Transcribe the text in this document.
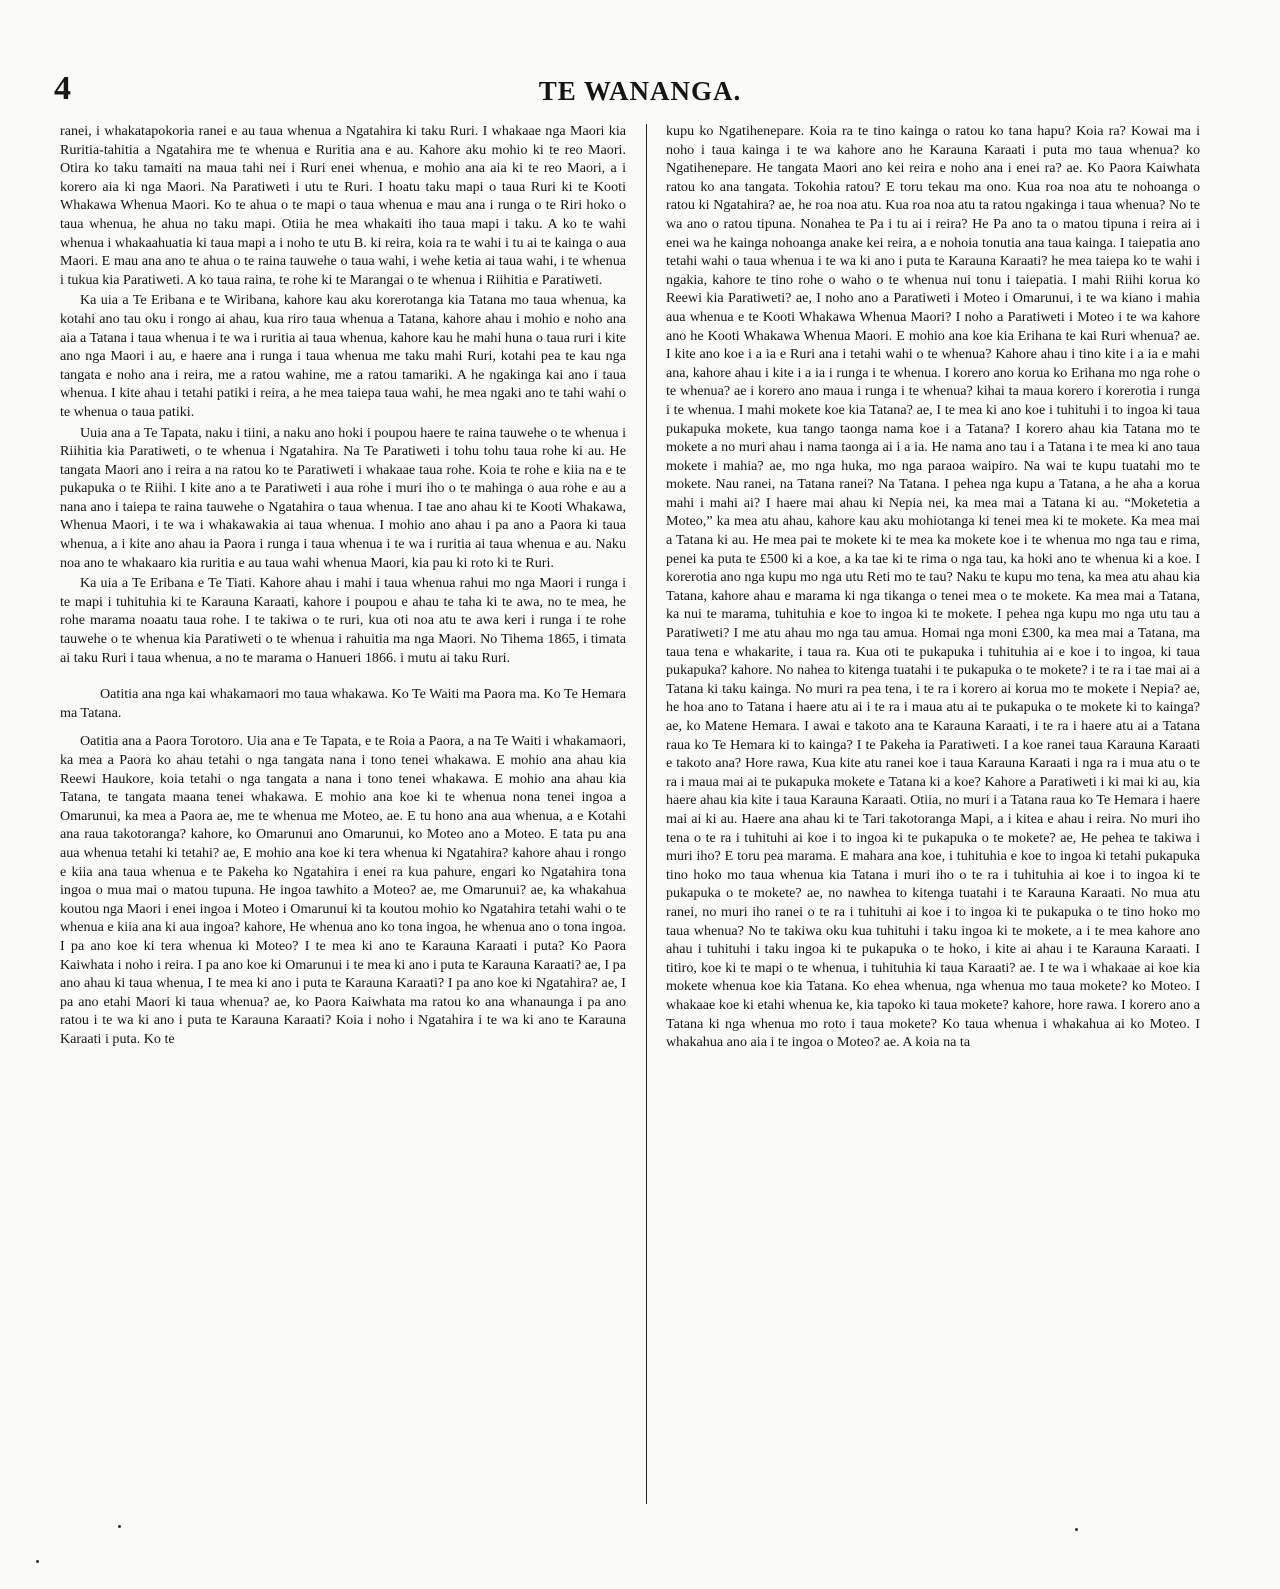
4	TE WANANGA.

ranei, i whakatapokoria ranei e au taua whenua a Ngatahira ki taku Ruri. I whakaae nga Maori kia Ruritia-tahitia a Ngatahira me te whenua e Ruritia ana e au. Kahore aku mohio ki te reo Maori. Otira ko taku tamaiti na maua tahi nei i Ruri enei whenua, e mohio ana aia ki te reo Maori, a i korero aia ki nga Maori. Na Paratiweti i utu te Ruri. I hoatu taku mapi o taua Ruri ki te Kooti Whakawa Whenua Maori. Ko te ahua o te mapi o taua whenua e mau ana i runga o te Riri hoko o taua whenua, he ahua no taku mapi. Otiia he mea whakaiti iho taua mapi i taku. A ko te wahi whenua i whakaahuatia ki taua mapi a i noho te utu B. ki reira, koia ra te wahi i tu ai te kainga o aua Maori. E mau ana ano te ahua o te raina tauwehe o taua wahi, i wehe ketia ai taua wahi, i te whenua i tukua kia Paratiweti. A ko taua raina, te rohe ki te Marangai o te whenua i Riihitia e Paratiweti.

Ka uia a Te Eribana e te Wiribana, kahore kau aku korerotanga kia Tatana mo taua whenua, ka kotahi ano tau oku i rongo ai ahau, kua riro taua whenua a Tatana, kahore ahau i mohio e noho ana aia a Tatana i taua whenua i te wa i ruritia ai taua whenua, kahore kau he mahi huna o taua ruri i kite ano nga Maori i au, e haere ana i runga i taua whenua me taku mahi Ruri, kotahi pea te kau nga tangata e noho ana i reira, me a ratou wahine, me a ratou tamariki. A he ngakinga kai ano i taua whenua. I kite ahau i tetahi patiki i reira, a he mea taiepa taua wahi, he mea ngaki ano te tahi wahi o te whenua o taua patiki.

Uuia ana a Te Tapata, naku i tiini, a naku ano hoki i poupou haere te raina tauwehe o te whenua i Riihitia kia Paratiweti, o te whenua i Ngatahira. Na Te Paratiweti i tohu tohu taua rohe ki au. He tangata Maori ano i reira a na ratou ko te Paratiweti i whakaae taua rohe. Koia te rohe e kiia na e te pukapuka o te Riihi. I kite ano a te Paratiweti i aua rohe i muri iho o te mahinga o aua rohe e au a nana ano i taiepa te raina tauwehe o Ngatahira o taua whenua. I tae ano ahau ki te Kooti Whakawa, Whenua Maori, i te wa i whakawakia ai taua whenua. I mohio ano ahau i pa ano a Paora ki taua whenua, a i kite ano ahau ia Paora i runga i taua whenua i te wa i ruritia ai taua whenua e au. Naku noa ano te whakaaro kia ruritia e au taua wahi whenua Maori, kia pau ki roto ki te Ruri.

Ka uia a Te Eribana e Te Tiati. Kahore ahau i mahi i taua whenua rahui mo nga Maori i runga i te mapi i tuhituhia ki te Karauna Karaati, kahore i poupou e ahau te taha ki te awa, no te mea, he rohe marama noaatu taua rohe. I te takiwa o te ruri, kua oti noa atu te awa keri i runga i te rohe tauwehe o te whenua kia Paratiweti o te whenua i rahuitia ma nga Maori. No Tihema 1865, i timata ai taku Ruri i taua whenua, a no te marama o Hanueri 1866. i mutu ai taku Ruri.

Oatitia ana nga kai whakamaori mo taua whakawa. Ko Te Waiti ma Paora ma. Ko Te Hemara ma Tatana.

Oatitia ana a Paora Torotoro. Uia ana e Te Tapata, e te Roia a Paora, a na Te Waiti i whakamaori, ka mea a Paora ko ahau tetahi o nga tangata nana i tono tenei whakawa. E mohio ana ahau kia Reewi Haukore, koia tetahi o nga tangata a nana i tono tenei whakawa. E mohio ana ahau kia Tatana, te tangata maana tenei whakawa. E mohio ana koe ki te whenua nona tenei ingoa a Omarunui, ka mea a Paora ae, me te whenua me Moteo, ae. E tu hono ana aua whenua, a e Kotahi ana raua takotoranga? kahore, ko Omarunui ano Omarunui, ko Moteo ano a Moteo. E tata pu ana aua whenua tetahi ki tetahi? ae, E mohio ana koe ki tera whenua ki Ngatahira? kahore ahau i rongo e kiia ana taua whenua e te Pakeha ko Ngatahira i enei ra kua pahure, engari ko Ngatahira tona ingoa o mua mai o matou tupuna. He ingoa tawhito a Moteo? ae, me Omarunui? ae, ka whakahua koutou nga Maori i enei ingoa i Moteo i Omarunui ki ta koutou mohio ko Ngatahira tetahi wahi o te whenua e kiia ana ki aua ingoa? kahore, He whenua ano ko tona ingoa, he whenua ano o tona ingoa. I pa ano koe ki tera whenua ki Moteo? I te mea ki ano te Karauna Karaati i puta? Ko Paora Kaiwhata i noho i reira. I pa ano koe ki Omarunui i te mea ki ano i puta te Karauna Karaati? ae, I pa ano ahau ki taua whenua, I te mea ki ano i puta te Karauna Karaati? I pa ano koe ki Ngatahira? ae, I pa ano etahi Maori ki taua whenua? ae, ko Paora Kaiwhata ma ratou ko ana whanaunga i pa ano ratou i te wa ki ano i puta te Karauna Karaati? Koia i noho i Ngatahira i te wa ki ano te Karauna Karaati i puta. Ko te

kupu ko Ngatihenepare. Koia ra te tino kainga o ratou ko tana hapu? Koia ra? Kowai ma i noho i taua kainga i te wa kahore ano he Karauna Karaati i puta mo taua whenua? ko Ngatihenepare. He tangata Maori ano kei reira e noho ana i enei ra? ae. Ko Paora Kaiwhata ratou ko ana tangata. Tokohia ratou? E toru tekau ma ono. Kua roa noa atu te nohoanga o ratou ki Ngatahira? ae, he roa noa atu. Kua roa noa atu ta ratou ngakinga i taua whenua? No te wa ano o ratou tipuna. Nonahea te Pa i tu ai i reira? He Pa ano ta o matou tipuna i reira ai i enei wa he kainga nohoanga anake kei reira, a e nohoia tonutia ana taua kainga. I taiepatia ano tetahi wahi o taua whenua i te wa ki ano i puta te Karauna Karaati? he mea taiepa ko te wahi i ngakia, kahore te tino rohe o waho o te whenua nui tonu i taiepatia. I mahi Riihi korua ko Reewi kia Paratiweti? ae, I noho ano a Paratiweti i Moteo i Omarunui, i te wa kiano i mahia aua whenua e te Kooti Whakawa Whenua Maori? I noho a Paratiweti i Moteo i te wa kahore ano he Kooti Whakawa Whenua Maori. E mohio ana koe kia Erihana te kai Ruri whenua? ae. I kite ano koe i a ia e Ruri ana i tetahi wahi o te whenua? Kahore ahau i tino kite i a ia e mahi ana, kahore ahau i kite i a ia i runga i te whenua. I korero ano korua ko Erihana mo nga rohe o te whenua? ae i korero ano maua i runga i te whenua? kihai ta maua korero i korerotia i runga i te whenua. I mahi mokete koe kia Tatana? ae, I te mea ki ano koe i tuhituhi i to ingoa ki taua pukapuka mokete, kua tango taonga nama koe i a Tatana? I korero ahau kia Tatana mo te mokete a no muri ahau i nama taonga ai i a ia. He nama ano tau i a Tatana i te mea ki ano taua mokete i mahia? ae, mo nga huka, mo nga paraoa waipiro. Na wai te kupu tuatahi mo te mokete. Nau ranei, na Tatana ranei? Na Tatana. I pehea nga kupu a Tatana, a he aha a korua mahi i mahi ai? I haere mai ahau ki Nepia nei, ka mea mai a Tatana ki au. “Moketetia a Moteo,” ka mea atu ahau, kahore kau aku mohiotanga ki tenei mea ki te mokete. Ka mea mai a Tatana ki au. He mea pai te mokete ki te mea ka mokete koe i te whenua mo nga tau e rima, penei ka puta te £500 ki a koe, a ka tae ki te rima o nga tau, ka hoki ano te whenua ki a koe. I korerotia ano nga kupu mo nga utu Reti mo te tau? Naku te kupu mo tena, ka mea atu ahau kia Tatana, kahore ahau e marama ki nga tikanga o tenei mea o te mokete. Ka mea mai a Tatana, ka nui te marama, tuhituhia e koe to ingoa ki te mokete. I pehea nga kupu mo nga utu tau a Paratiweti? I me atu ahau mo nga tau amua. Homai nga moni £300, ka mea mai a Tatana, ma taua tena e whakarite, i taua ra. Kua oti te pukapuka i tuhituhia ai e koe i to ingoa, ki taua pukapuka? kahore. No nahea to kitenga tuatahi i te pukapuka o te mokete? i te ra i tae mai ai a Tatana ki taku kainga. No muri ra pea tena, i te ra i korero ai korua mo te mokete i Nepia? ae, he hoa ano to Tatana i haere atu ai i te ra i maua atu ai te pukapuka o te mokete ki to kainga? ae, ko Matene Hemara. I awai e takoto ana te Karauna Karaati, i te ra i haere atu ai a Tatana raua ko Te Hemara ki to kainga? I te Pakeha ia Paratiweti. I a koe ranei taua Karauna Karaati e takoto ana? Hore rawa, Kua kite atu ranei koe i taua Karauna Karaati i nga ra i mua atu o te ra i maua mai ai te pukapuka mokete e Tatana ki a koe? Kahore a Paratiweti i ki mai ki au, kia haere ahau kia kite i taua Karauna Karaati. Otiia, no muri i a Tatana raua ko Te Hemara i haere mai ai ki au. Haere ana ahau ki te Tari takotoranga Mapi, a i kitea e ahau i reira. No muri iho tena o te ra i tuhituhi ai koe i to ingoa ki te pukapuka o te mokete? ae, He pehea te takiwa i muri iho? E toru pea marama. E mahara ana koe, i tuhituhia e koe to ingoa ki tetahi pukapuka tino hoko mo taua whenua kia Tatana i muri iho o te ra i tuhituhia ai koe i to ingoa ki te pukapuka o te mokete? ae, no nawhea to kitenga tuatahi i te Karauna Karaati. No mua atu ranei, no muri iho ranei o te ra i tuhituhi ai koe i to ingoa ki te pukapuka o te tino hoko mo taua whenua? No te takiwa oku kua tuhituhi i taku ingoa ki te mokete, a i te mea kahore ano ahau i tuhituhi i taku ingoa ki te pukapuka o te hoko, i kite ai ahau i te Karauna Karaati. I titiro, koe ki te mapi o te whenua, i tuhituhia ki taua Karaati? ae. I te wa i whakaae ai koe kia mokete whenua koe kia Tatana. Ko ehea whenua, nga whenua mo taua mokete? ko Moteo. I whakaae koe ki etahi whenua ke, kia tapoko ki taua mokete? kahore, hore rawa. I korero ano a Tatana ki nga whenua mo roto i taua mokete? Ko taua whenua i whakahua ai ko Moteo. I whakahua ano aia i te ingoa o Moteo? ae. A koia na ta
